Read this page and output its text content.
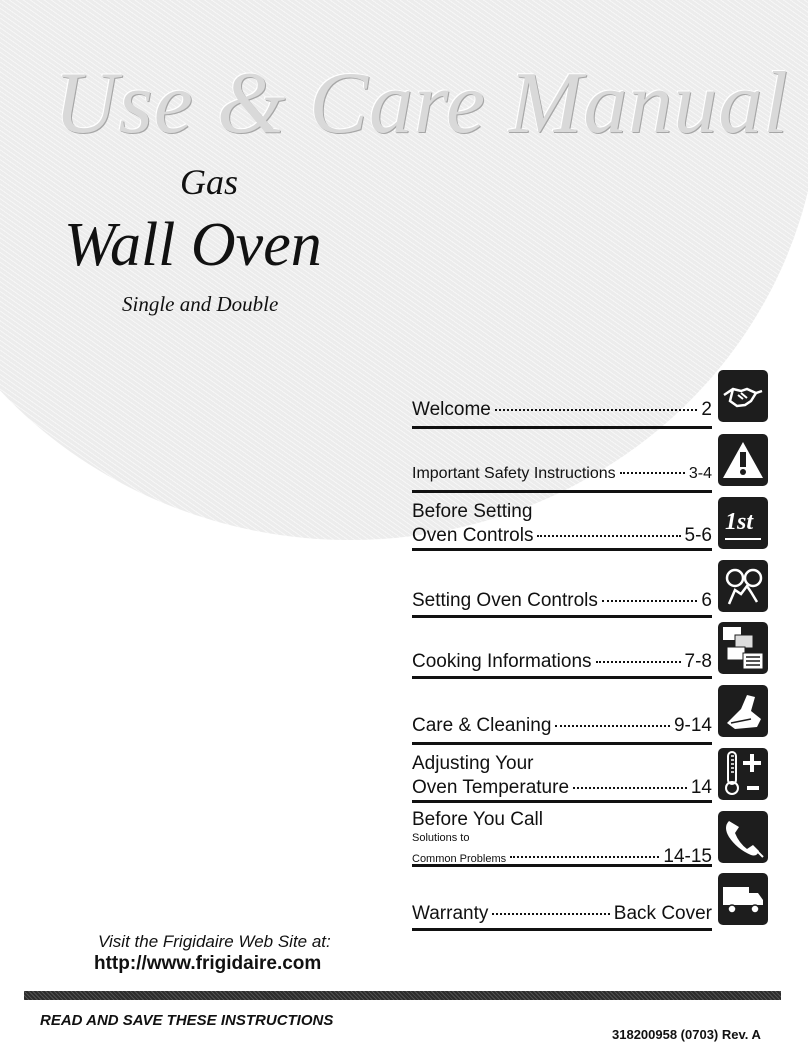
Use & Care Manual
Gas
Wall Oven
Single and Double
Welcome	2
Important Safety Instructions	3-4
Before Setting
Oven Controls	5-6
Setting Oven Controls	6
Cooking Informations	7-8
Care & Cleaning	9-14
Adjusting Your
Oven Temperature	14
Before You Call
Solutions to
Common Problems	14-15
Warranty	Back Cover
1st
Visit the Frigidaire Web Site at:
http://www.frigidaire.com
READ AND SAVE THESE INSTRUCTIONS
318200958 (0703) Rev. A
